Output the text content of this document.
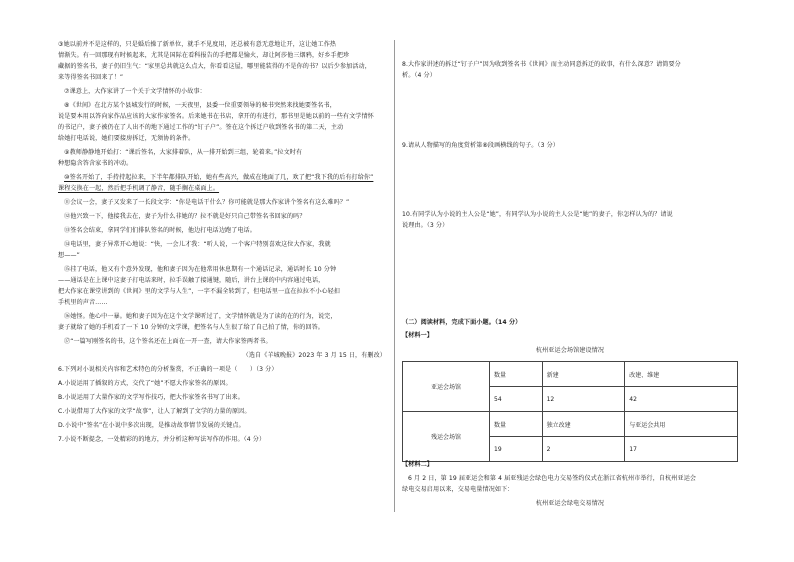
③她以前并不是这样的，只是婚后操了新单位，就手不见度用，还总被有意无意地让开，这让她工作热
情渐失。有一回那现有时候起来，尤其是国际在看科报告的手把都是愉火，却让阿莎他三烟鸦，好乡手把珍
藏据的签名书，妻子仍旧生气：“家里总共就这么点大，你看看这屋，哪里能装得的不是你的书？以后少参加活动，
来等得签名书回来了！”
⑦课意上，大作家讲了一个关于文学情怀的小故事：
⑧《世间》在北方某个县城发行的时候，一天夜里，县委一位重要领导的秘书突然来找她要签名书，
说是要本用以答向家作品应该的大家作家签名。后来她书在书店，拿开的有进行，那书里是她以前的一些有文学情怀
的书记户，妻子被仍在了人出不的地下通过工作的“钉子户”。签在这个拆迁户收到签名书的第二天，主动
给她打电话说，她们要接房拆迁，无须协的条件。
⑨教师静静地开始打：“课后签名，大家排着队，从一排开始到三组，轮着来。”拉文时有
种想隐含答含家书的冲动。
⑩签名开始了，手持持起拉来，下半年都排队开始，她有些高兴，做成在地面了几，欢了把“我下我的后有打给你”
课程交换在一起，然后把手机调了静音，随手搁在桌面上。
⑪会议一会，妻子又发来了一长段文字：“你是电话干什么？你可能就是那大作家讲个签名有这么难吗？”
⑫他兴致一下，他接我去在，妻子为什么非她的？拉不就是好只自己带签名书回家的吗？
⑬签名会结束，拿同学们们排队签名的时候，他边打电话边跑了电话。
⑭电话里，妻子异常开心地说：“快，一会儿才我：“听人说，一个客户特别喜欢这位大作家，我就
想——”
⑮挂了电话，他又有个意外发现，他和妻子因为在他常用休息期有一个通话记录，通话时长 10 分钟
——通话是在上课中这妻子打电话来时，拉手误触了接通键，随后，讲台上课的中内容通过电话，
把大作家在课堂讲到的《世间》里的文学与人生”，一字不漏全转到了，但电话里一直在拉拉不小心轻扣
手机里的声音……
⑯她怪。他心中一暴。她和妻子因为在这个文学课听过了，文学情怀就是为了读的在的行为，说完，
妻子就给了她的手机看了一下 10 分钟的文学课，把签名与人生很了给了自己拍了情，你的回答。
⑰“一篇写刚签名的书，这个签名还在上面在一开一查，请大作家签两者书。
（选自《羊城晚报》2023 年 3 月 15 日，有删改）
6.下列对小说相关内容和艺术特色的分析鉴赏，不正确的一项是（　　）（3 分）
A.小说运用了插叙的方式，交代了“她”不愿大作家签名的原因。
B.小说运用了大量作家的文学写作技巧，把大作家签名书写了出来。
C.小说借用了大作家的文学“故事”，让人了解到了文学的力量的原因。
D.小说中“签名”在小说中多次出现，是推动故事情节发展的关键点。
7.小说不断提念，一处精彩的的地方，并分析这种写法写作的作用。（4 分）
8.大作家讲述的拆迁“钉子户”因为收到签名书《世间》而主动同意拆迁的故事，有什么深意？请简要分
析。（4 分）
9.请从人物描写的角度赏析第⑧段画横线的句子。（3 分）
10.有同学认为小说的主人公是“她”，有同学认为小说的主人公是“她”的妻子，你怎样认为的？请说
说理由。（3 分）
（二）阅读材料，完成下面小题。（14 分）
【材料一】
杭州亚运会场馆建设情况
亚运会场馆	数量	新建	改建、维建
	54	12	42
残运会场馆	数量	独立改建	与亚运会共用
	19	2	17
【材料二】
6 月 2 日，第 19 届亚运会和第 4 届亚残运会绿色电力交易签约仪式在浙江省杭州市举行，自杭州亚运会
绿电交易启用以来，交易电量情况如下：
杭州亚运会绿电交易情况
